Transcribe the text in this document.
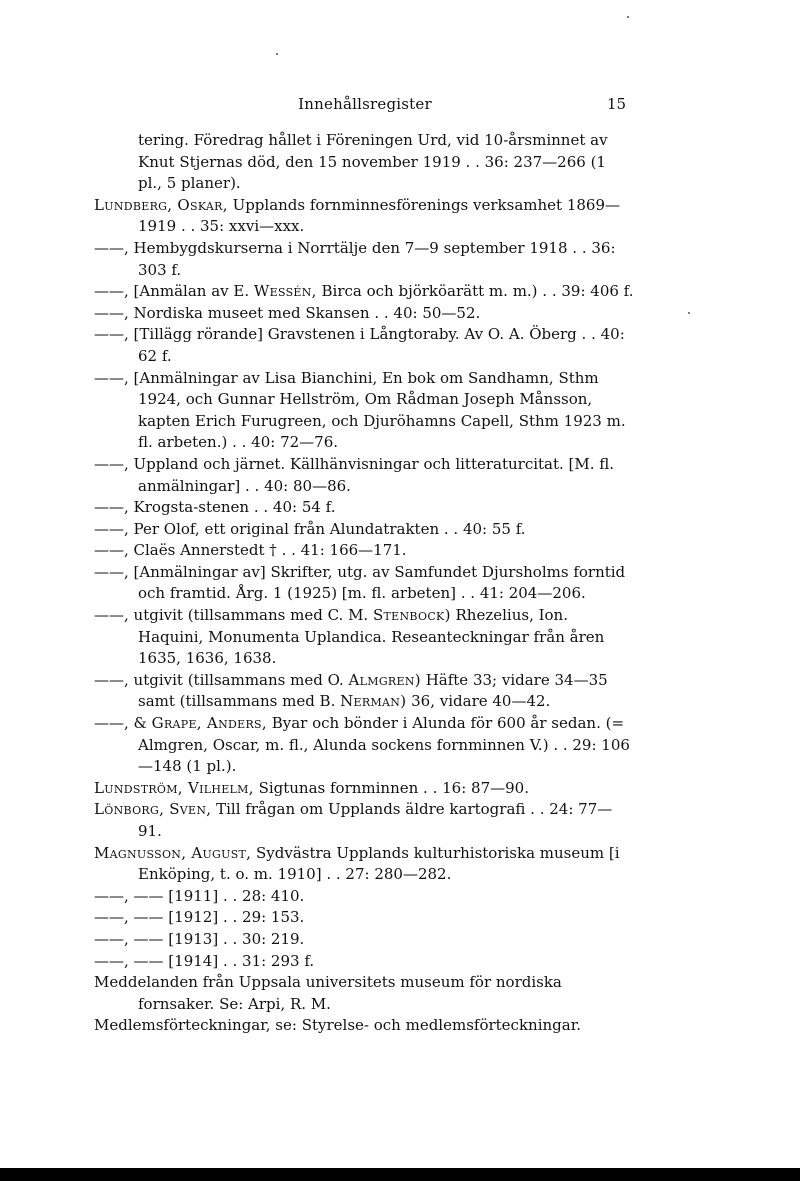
Innehållsregister	15

tering. Föredrag hållet i Föreningen Urd, vid 10-årsminnet av Knut Stjernas död, den 15 november 1919 . . 36: 237—266 (1 pl., 5 planer).

Lundberg, Oskar, Upplands fornminnesförenings verksamhet 1869—1919 . . 35: xxvi—xxx.

——, Hembygdskurserna i Norrtälje den 7—9 september 1918 . . 36: 303 f.

——, [Anmälan av E. Wessén, Birca och björköarätt m. m.) . . 39: 406 f.

——, Nordiska museet med Skansen . . 40: 50—52.

——, [Tillägg rörande] Gravstenen i Långtoraby. Av O. A. Öberg . . 40: 62 f.

——, [Anmälningar av Lisa Bianchini, En bok om Sandhamn, Sthm 1924, och Gunnar Hellström, Om Rådman Joseph Månsson, kapten Erich Furugreen, och Djuröhamns Capell, Sthm 1923 m. fl. arbeten.) . . 40: 72—76.

——, Uppland och järnet. Källhänvisningar och litteraturcitat. [M. fl. anmälningar] . . 40: 80—86.

——, Krogsta-stenen . . 40: 54 f.

——, Per Olof, ett original från Alundatrakten . . 40: 55 f.

——, Claës Annerstedt † . . 41: 166—171.

——, [Anmälningar av] Skrifter, utg. av Samfundet Djursholms forntid och framtid. Årg. 1 (1925) [m. fl. arbeten] . . 41: 204—206.

——, utgivit (tillsammans med C. M. Stenbock) Rhezelius, Ion. Haquini, Monumenta Uplandica. Reseanteckningar från åren 1635, 1636, 1638.

——, utgivit (tillsammans med O. Almgren) Häfte 33; vidare 34—35 samt (tillsammans med B. Nerman) 36, vidare 40—42.

——, & Grape, Anders, Byar och bönder i Alunda för 600 år sedan. (= Almgren, Oscar, m. fl., Alunda sockens fornminnen V.) . . 29: 106—148 (1 pl.).

Lundström, Vilhelm, Sigtunas fornminnen . . 16: 87—90.

Lönborg, Sven, Till frågan om Upplands äldre kartografi . . 24: 77—91.

Magnusson, August, Sydvästra Upplands kulturhistoriska museum [i Enköping, t. o. m. 1910] . . 27: 280—282.

——, —— [1911] . . 28: 410.

——, —— [1912] . . 29: 153.

——, —— [1913] . . 30: 219.

——, —— [1914] . . 31: 293 f.

Meddelanden från Uppsala universitets museum för nordiska fornsaker. Se: Arpi, R. M.

Medlemsförteckningar, se: Styrelse- och medlemsförteckningar.
